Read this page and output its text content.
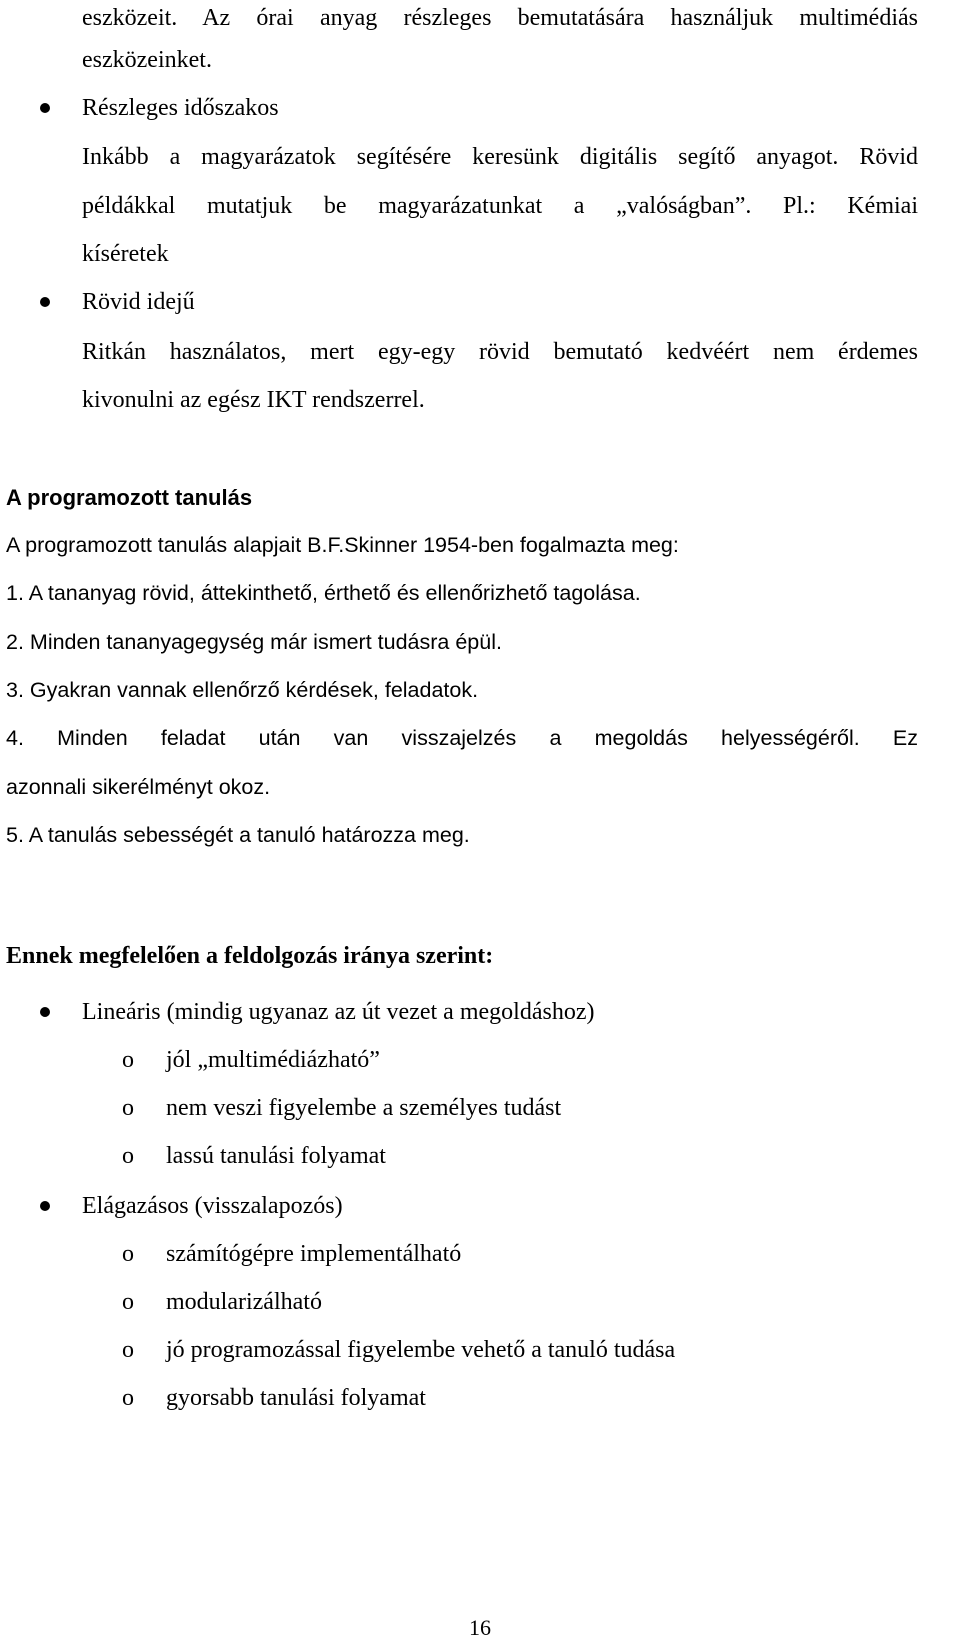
eszközeit. Az órai anyag részleges bemutatására használjuk multimédiás
eszközeinket.
Részleges időszakos
Inkább a magyarázatok segítésére keresünk digitális segítő anyagot. Rövid
példákkal mutatjuk be magyarázatunkat a „valóságban”. Pl.: Kémiai
kíséretek
Rövid idejű
Ritkán használatos, mert egy-egy rövid bemutató kedvéért nem érdemes
kivonulni az egész IKT rendszerrel.
A programozott tanulás
A programozott tanulás alapjait B.F.Skinner 1954-ben fogalmazta meg:
1. A tananyag rövid, áttekinthető, érthető és ellenőrizhető tagolása.
2. Minden tananyagegység már ismert tudásra épül.
3. Gyakran vannak ellenőrző kérdések, feladatok.
4. Minden feladat után van visszajelzés a megoldás helyességéről. Ez
azonnali sikerélményt okoz.
5. A tanulás sebességét a tanuló határozza meg.
Ennek megfelelően a feldolgozás iránya szerint:
Lineáris (mindig ugyanaz az út vezet a megoldáshoz)
o	jól „multimédiázható”
o	nem veszi figyelembe a személyes tudást
o	lassú tanulási folyamat
Elágazásos (visszalapozós)
o	számítógépre implementálható
o	modularizálható
o	jó programozással figyelembe vehető a tanuló tudása
o	gyorsabb tanulási folyamat
16
